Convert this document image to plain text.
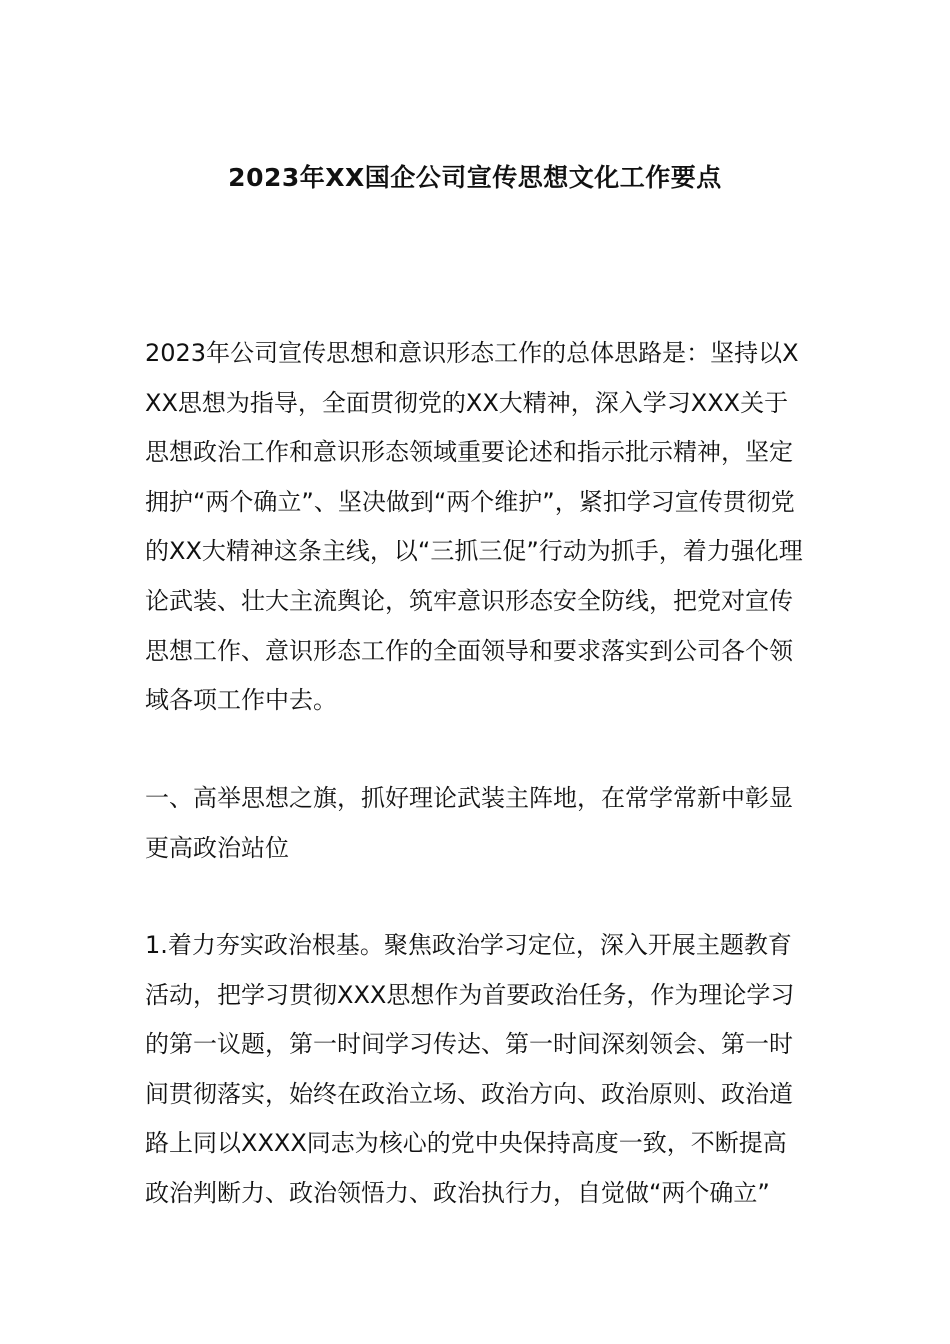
2023年XX国企公司宣传思想文化工作要点

2023年公司宣传思想和意识形态工作的总体思路是：坚持以XXX思想为指导，全面贯彻党的XX大精神，深入学习XXX关于思想政治工作和意识形态领域重要论述和指示批示精神，坚定拥护“两个确立”、坚决做到“两个维护”，紧扣学习宣传贯彻党的XX大精神这条主线，以“三抓三促”行动为抓手，着力强化理论武装、壮大主流舆论，筑牢意识形态安全防线，把党对宣传思想工作、意识形态工作的全面领导和要求落实到公司各个领域各项工作中去。

一、高举思想之旗，抓好理论武装主阵地，在常学常新中彰显更高政治站位

1.着力夯实政治根基。聚焦政治学习定位，深入开展主题教育活动，把学习贯彻XXX思想作为首要政治任务，作为理论学习的第一议题，第一时间学习传达、第一时间深刻领会、第一时间贯彻落实，始终在政治立场、政治方向、政治原则、政治道路上同以XXXX同志为核心的党中央保持高度一致，不断提高政治判断力、政治领悟力、政治执行力，自觉做“两个确立”
